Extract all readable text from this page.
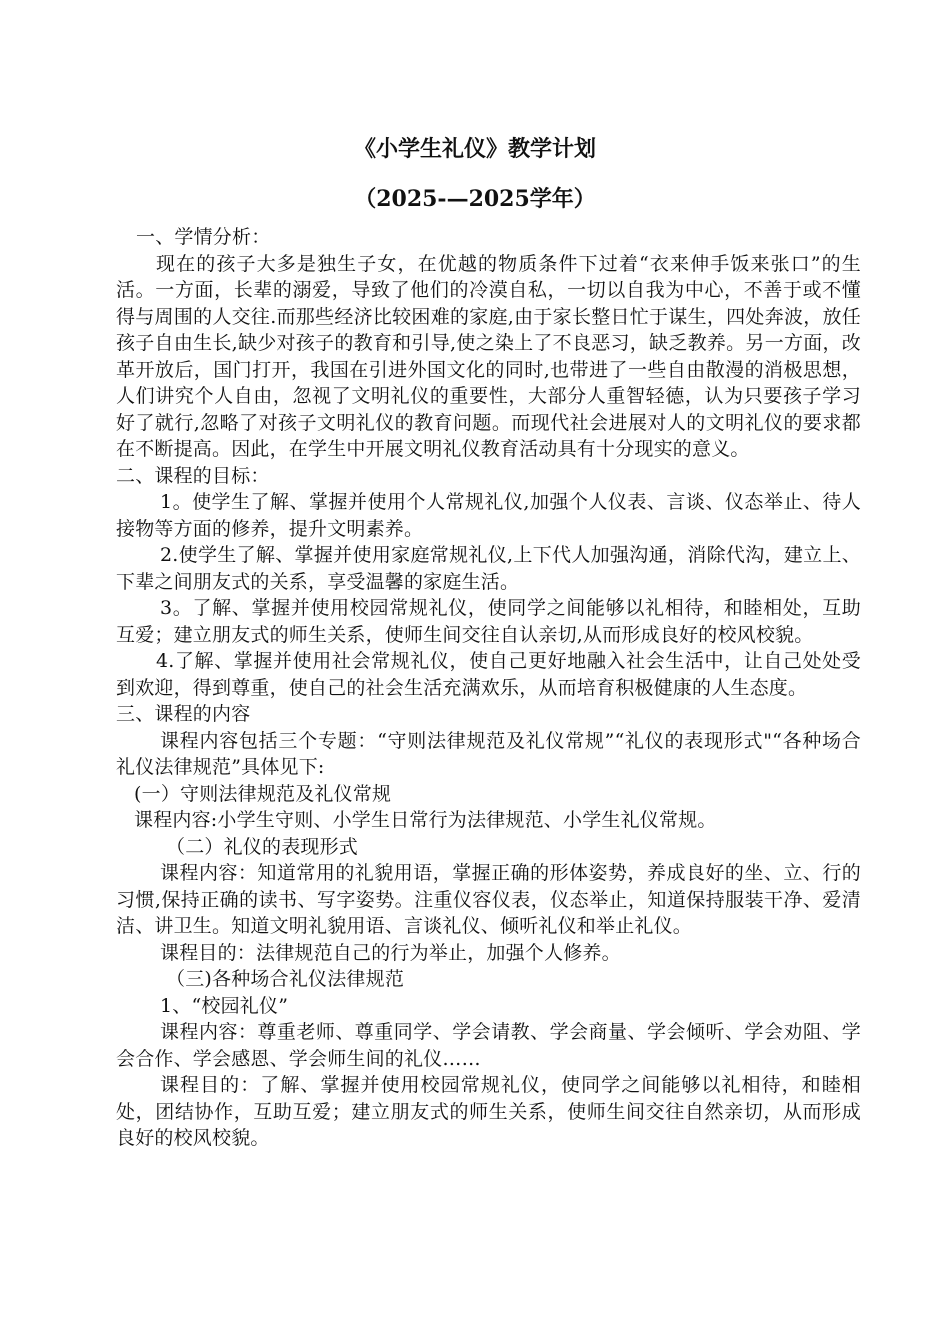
《小学生礼仪》教学计划
（2025-—2025学年）

一、学情分析：

现在的孩子大多是独生子女，在优越的物质条件下过着“衣来伸手饭来张口”的生活。一方面，长辈的溺爱，导致了他们的冷漠自私，一切以自我为中心，不善于或不懂得与周围的人交往.而那些经济比较困难的家庭,由于家长整日忙于谋生，四处奔波，放任孩子自由生长,缺少对孩子的教育和引导,使之染上了不良恶习，缺乏教养。另一方面，改革开放后，国门打开，我国在引进外国文化的同时,也带进了一些自由散漫的消极思想，人们讲究个人自由，忽视了文明礼仪的重要性，大部分人重智轻德，认为只要孩子学习好了就行,忽略了对孩子文明礼仪的教育问题。而现代社会进展对人的文明礼仪的要求都在不断提高。因此，在学生中开展文明礼仪教育活动具有十分现实的意义。

二、课程的目标：

1。使学生了解、掌握并使用个人常规礼仪,加强个人仪表、言谈、仪态举止、待人接物等方面的修养，提升文明素养。

2.使学生了解、掌握并使用家庭常规礼仪,上下代人加强沟通，消除代沟，建立上、下辈之间朋友式的关系，享受温馨的家庭生活。

3。了解、掌握并使用校园常规礼仪，使同学之间能够以礼相待，和睦相处，互助互爱；建立朋友式的师生关系，使师生间交往自认亲切,从而形成良好的校风校貌。

4.了解、掌握并使用社会常规礼仪，使自己更好地融入社会生活中，让自己处处受到欢迎，得到尊重，使自己的社会生活充满欢乐，从而培育积极健康的人生态度。

三、课程的内容

课程内容包括三个专题：“守则法律规范及礼仪常规”“礼仪的表现形式"“各种场合礼仪法律规范”具体见下:

(一）守则法律规范及礼仪常规

课程内容:小学生守则、小学生日常行为法律规范、小学生礼仪常规。

（二）礼仪的表现形式

课程内容：知道常用的礼貌用语，掌握正确的形体姿势，养成良好的坐、立、行的习惯,保持正确的读书、写字姿势。注重仪容仪表，仪态举止，知道保持服装干净、爱清洁、讲卫生。知道文明礼貌用语、言谈礼仪、倾听礼仪和举止礼仪。

课程目的：法律规范自己的行为举止，加强个人修养。

（三)各种场合礼仪法律规范

1、“校园礼仪”

课程内容：尊重老师、尊重同学、学会请教、学会商量、学会倾听、学会劝阻、学会合作、学会感恩、学会师生间的礼仪……

课程目的：了解、掌握并使用校园常规礼仪，使同学之间能够以礼相待，和睦相处，团结协作，互助互爱；建立朋友式的师生关系，使师生间交往自然亲切，从而形成良好的校风校貌。
